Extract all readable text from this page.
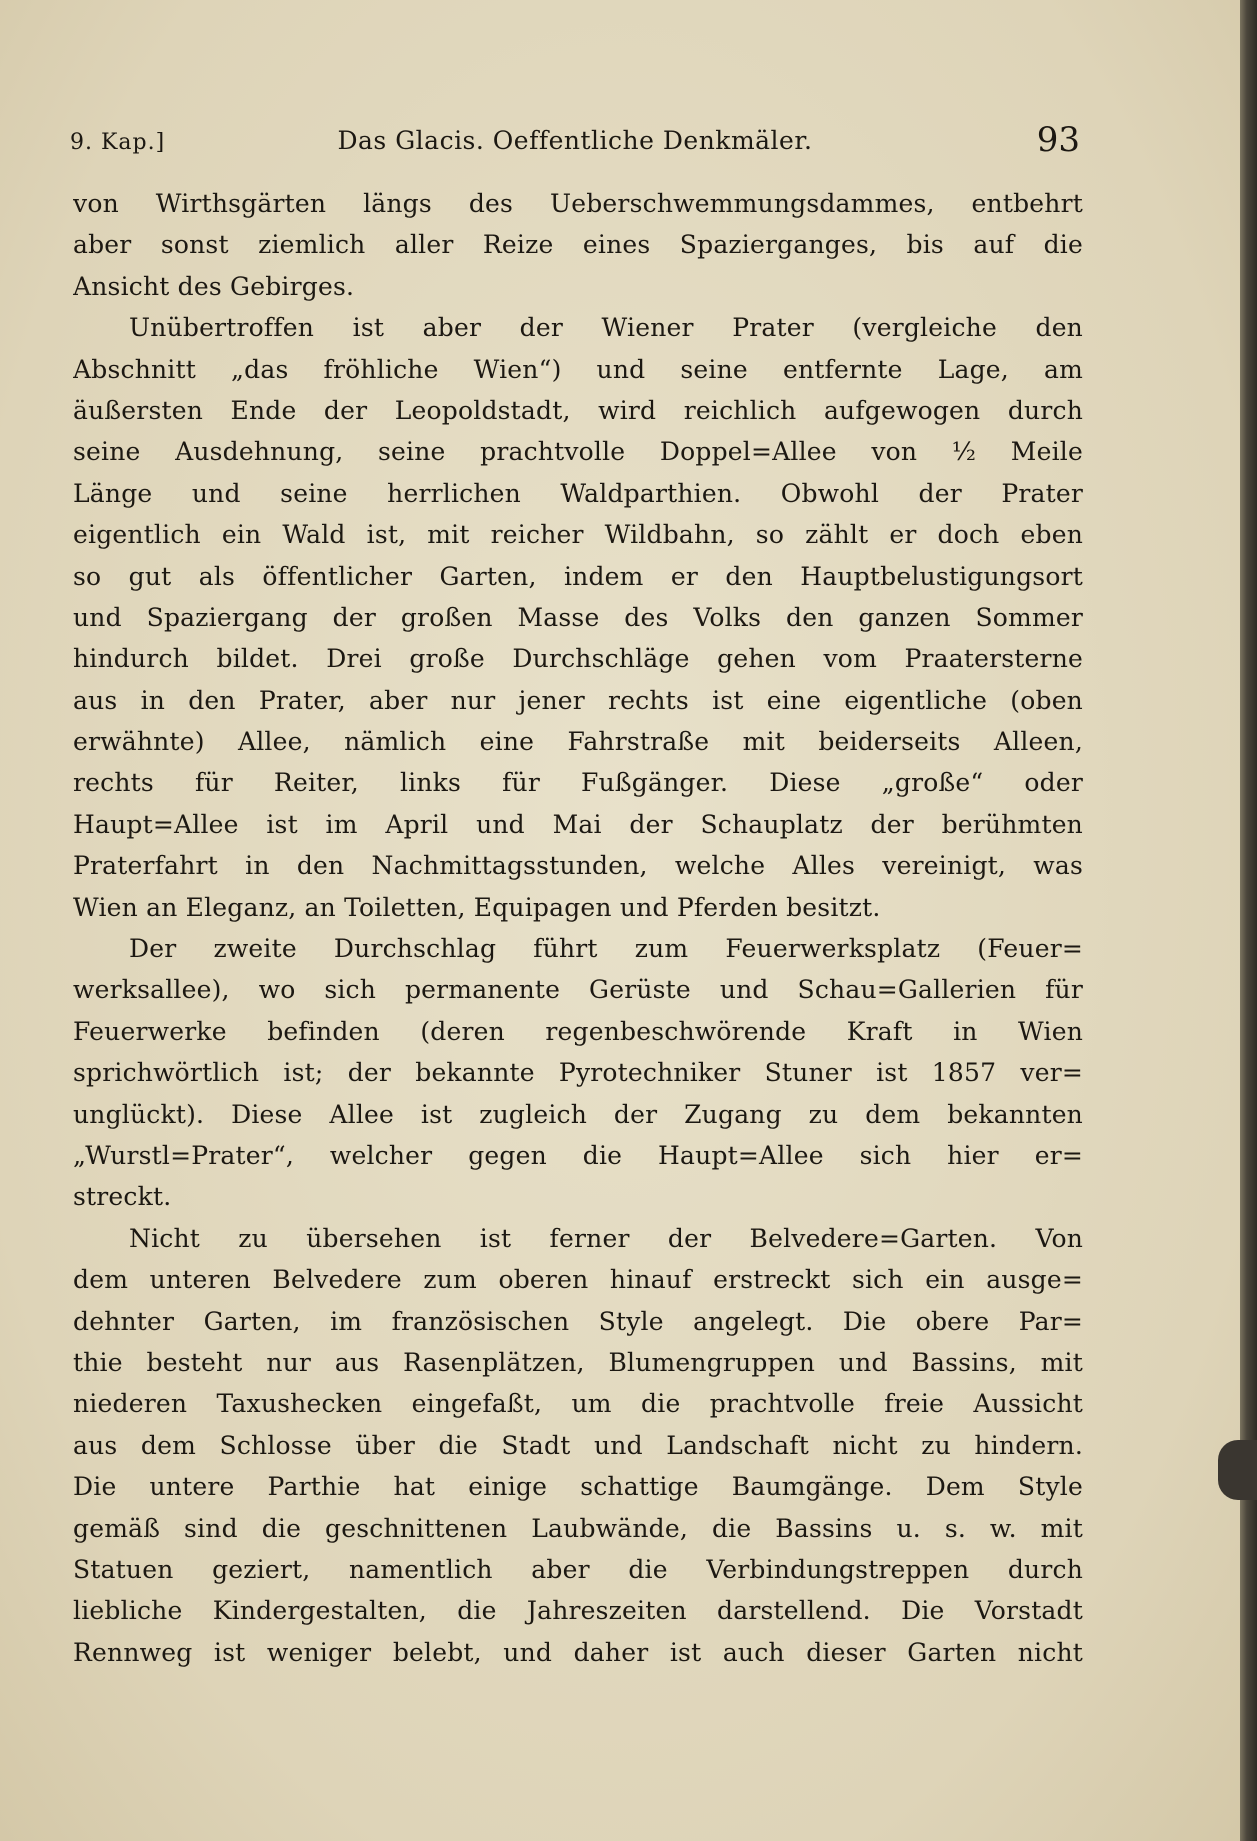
9. Kap.]	Das Glacis. Oeffentliche Denkmäler.	93
von Wirthsgärten längs des Ueberschwemmungsdammes, entbehrt
aber sonst ziemlich aller Reize eines Spazierganges, bis auf die
Ansicht des Gebirges.
Unübertroffen ist aber der Wiener Prater (vergleiche den
Abschnitt „das fröhliche Wien“) und seine entfernte Lage, am
äußersten Ende der Leopoldstadt, wird reichlich aufgewogen durch
seine Ausdehnung, seine prachtvolle Doppel=Allee von ½ Meile
Länge und seine herrlichen Waldparthien. Obwohl der Prater
eigentlich ein Wald ist, mit reicher Wildbahn, so zählt er doch eben
so gut als öffentlicher Garten, indem er den Hauptbelustigungsort
und Spaziergang der großen Masse des Volks den ganzen Sommer
hindurch bildet. Drei große Durchschläge gehen vom Praatersterne
aus in den Prater, aber nur jener rechts ist eine eigentliche (oben
erwähnte) Allee, nämlich eine Fahrstraße mit beiderseits Alleen,
rechts für Reiter, links für Fußgänger. Diese „große“ oder
Haupt=Allee ist im April und Mai der Schauplatz der berühmten
Praterfahrt in den Nachmittagsstunden, welche Alles vereinigt, was
Wien an Eleganz, an Toiletten, Equipagen und Pferden besitzt.
Der zweite Durchschlag führt zum Feuerwerksplatz (Feuer=
werksallee), wo sich permanente Gerüste und Schau=Gallerien für
Feuerwerke befinden (deren regenbeschwörende Kraft in Wien
sprichwörtlich ist; der bekannte Pyrotechniker Stuner ist 1857 ver=
unglückt). Diese Allee ist zugleich der Zugang zu dem bekannten
„Wurstl=Prater“, welcher gegen die Haupt=Allee sich hier er=
streckt.
Nicht zu übersehen ist ferner der Belvedere=Garten. Von
dem unteren Belvedere zum oberen hinauf erstreckt sich ein ausge=
dehnter Garten, im französischen Style angelegt. Die obere Par=
thie besteht nur aus Rasenplätzen, Blumengruppen und Bassins, mit
niederen Taxushecken eingefaßt, um die prachtvolle freie Aussicht
aus dem Schlosse über die Stadt und Landschaft nicht zu hindern.
Die untere Parthie hat einige schattige Baumgänge. Dem Style
gemäß sind die geschnittenen Laubwände, die Bassins u. s. w. mit
Statuen geziert, namentlich aber die Verbindungstreppen durch
liebliche Kindergestalten, die Jahreszeiten darstellend. Die Vorstadt
Rennweg ist weniger belebt, und daher ist auch dieser Garten nicht
